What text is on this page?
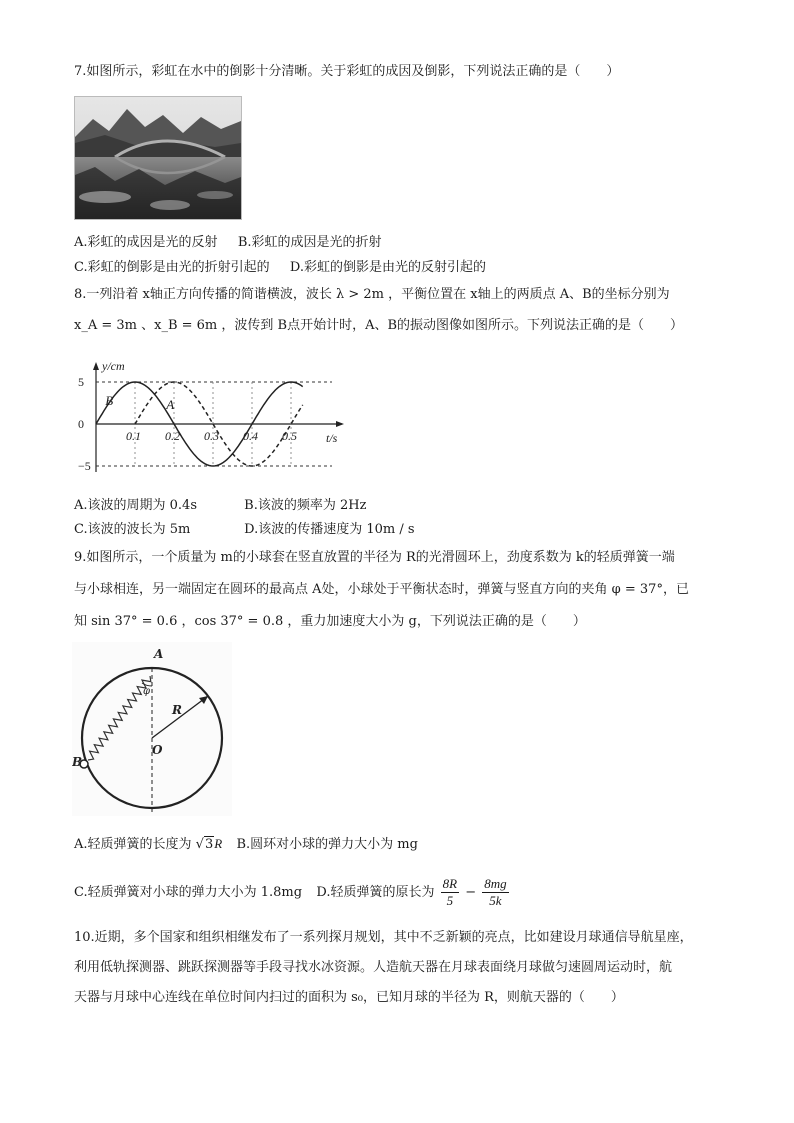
7.如图所示，彩虹在水中的倒影十分清晰。关于彩虹的成因及倒影，下列说法正确的是（　　）
A.彩虹的成因是光的反射 B.彩虹的成因是光的折射
C.彩虹的倒影是由光的折射引起的 D.彩虹的倒影是由光的反射引起的
8.一列沿着 x轴正方向传播的简谐横波，波长 λ > 2m ，平衡位置在 x轴上的两质点 A、B的坐标分别为
x_A = 3m 、x_B = 6m ，波传到 B点开始计时，A、B的振动图像如图所示。下列说法正确的是（　　）
0.1 0.2 0.3 0.4 0.5
5
0
−5
y/cm
t/s
B	A
A.该波的周期为 0.4s	B.该波的频率为 2Hz
C.该波的波长为 5m	D.该波的传播速度为 10m / s
9.如图所示，一个质量为 m的小球套在竖直放置的半径为 R的光滑圆环上，劲度系数为 k的轻质弹簧一端
与小球相连，另一端固定在圆环的最高点 A处，小球处于平衡状态时，弹簧与竖直方向的夹角 φ = 37°，已
知 sin 37° = 0.6 ，cos 37° = 0.8 ，重力加速度大小为 g，下列说法正确的是（　　）
A
B
O
R
φ
A.轻质弹簧的长度为 √3R B.圆环对小球的弹力大小为 mg
C.轻质弹簧对小球的弹力大小为 1.8mg D.轻质弹簧的原长为 $\frac{8R}{5} - \frac{8mg}{5k}$
10.近期，多个国家和组织相继发布了一系列探月规划，其中不乏新颖的亮点，比如建设月球通信导航星座，
利用低轨探测器、跳跃探测器等手段寻找水冰资源。人造航天器在月球表面绕月球做匀速圆周运动时，航
天器与月球中心连线在单位时间内扫过的面积为 s₀，已知月球的半径为 R，则航天器的（　　）
